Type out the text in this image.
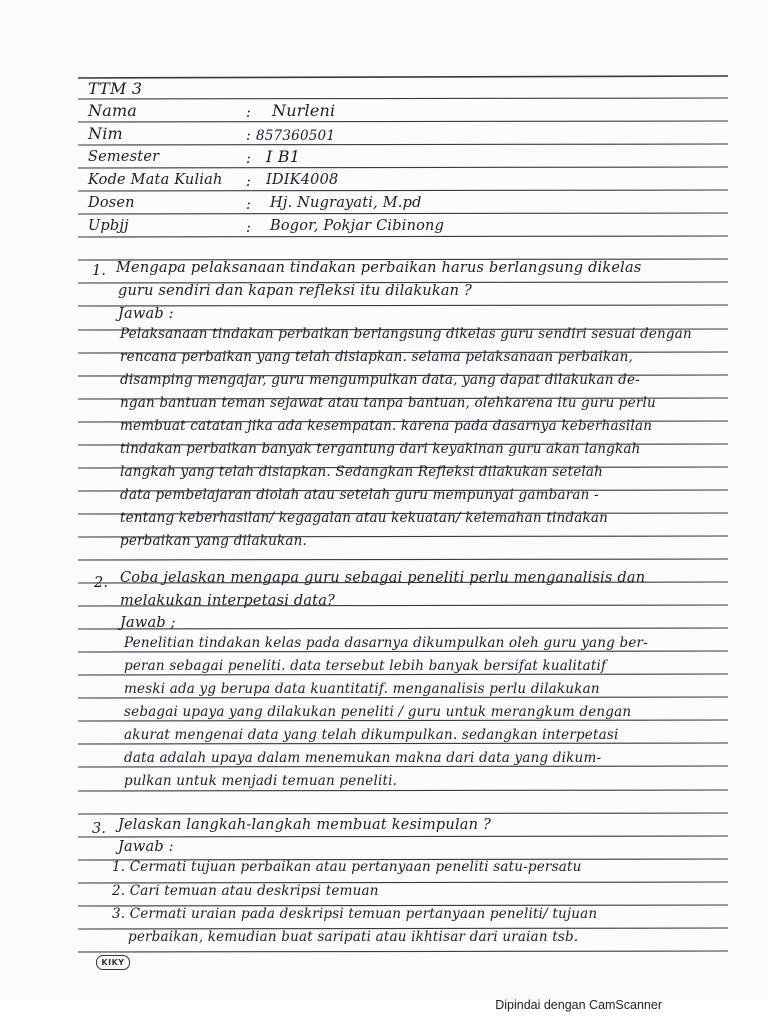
TTM 3
Nama	: Nurleni
Nim	: 857360501
Semester	: I B1
Kode Mata Kuliah : IDIK4008
Dosen	: Hj. Nugrayati, M.pd
Upbjj	: Bogor, Pokjar Cibinong
1. Mengapa pelaksanaan tindakan perbaikan harus berlangsung dikelas
guru sendiri dan kapan refleksi itu dilakukan ?
Jawab :
Pelaksanaan tindakan perbaikan berlangsung dikelas guru sendiri sesuai dengan
rencana perbaikan yang telah disiapkan. selama pelaksanaan perbaikan,
disamping mengajar, guru mengumpulkan data, yang dapat dilakukan de-
ngan bantuan teman sejawat atau tanpa bantuan, olehkarena itu guru perlu
membuat catatan jika ada kesempatan. karena pada dasarnya keberhasilan
tindakan perbaikan banyak tergantung dari keyakinan guru akan langkah
langkah yang telah disiapkan. Sedangkan Refleksi dilakukan setelah
data pembelajaran diolah atau setelah guru mempunyai gambaran -
tentang keberhasilan/ kegagalan atau kekuatan/ kelemahan tindakan
perbaikan yang dilakukan.
2. Coba jelaskan mengapa guru sebagai peneliti perlu menganalisis dan
melakukan interpetasi data?
Jawab ;
Penelitian tindakan kelas pada dasarnya dikumpulkan oleh guru yang ber-
peran sebagai peneliti. data tersebut lebih banyak bersifat kualitatif
meski ada yg berupa data kuantitatif. menganalisis perlu dilakukan
sebagai upaya yang dilakukan peneliti / guru untuk merangkum dengan
akurat mengenai data yang telah dikumpulkan. sedangkan interpetasi
data adalah upaya dalam menemukan makna dari data yang dikum-
pulkan untuk menjadi temuan peneliti.
3. Jelaskan langkah-langkah membuat kesimpulan ?
Jawab :
1. Cermati tujuan perbaikan atau pertanyaan peneliti satu-persatu
2. Cari temuan atau deskripsi temuan
3. Cermati uraian pada deskripsi temuan pertanyaan peneliti/ tujuan
perbaikan, kemudian buat saripati atau ikhtisar dari uraian tsb.
KIKY
Dipindai dengan CamScanner
